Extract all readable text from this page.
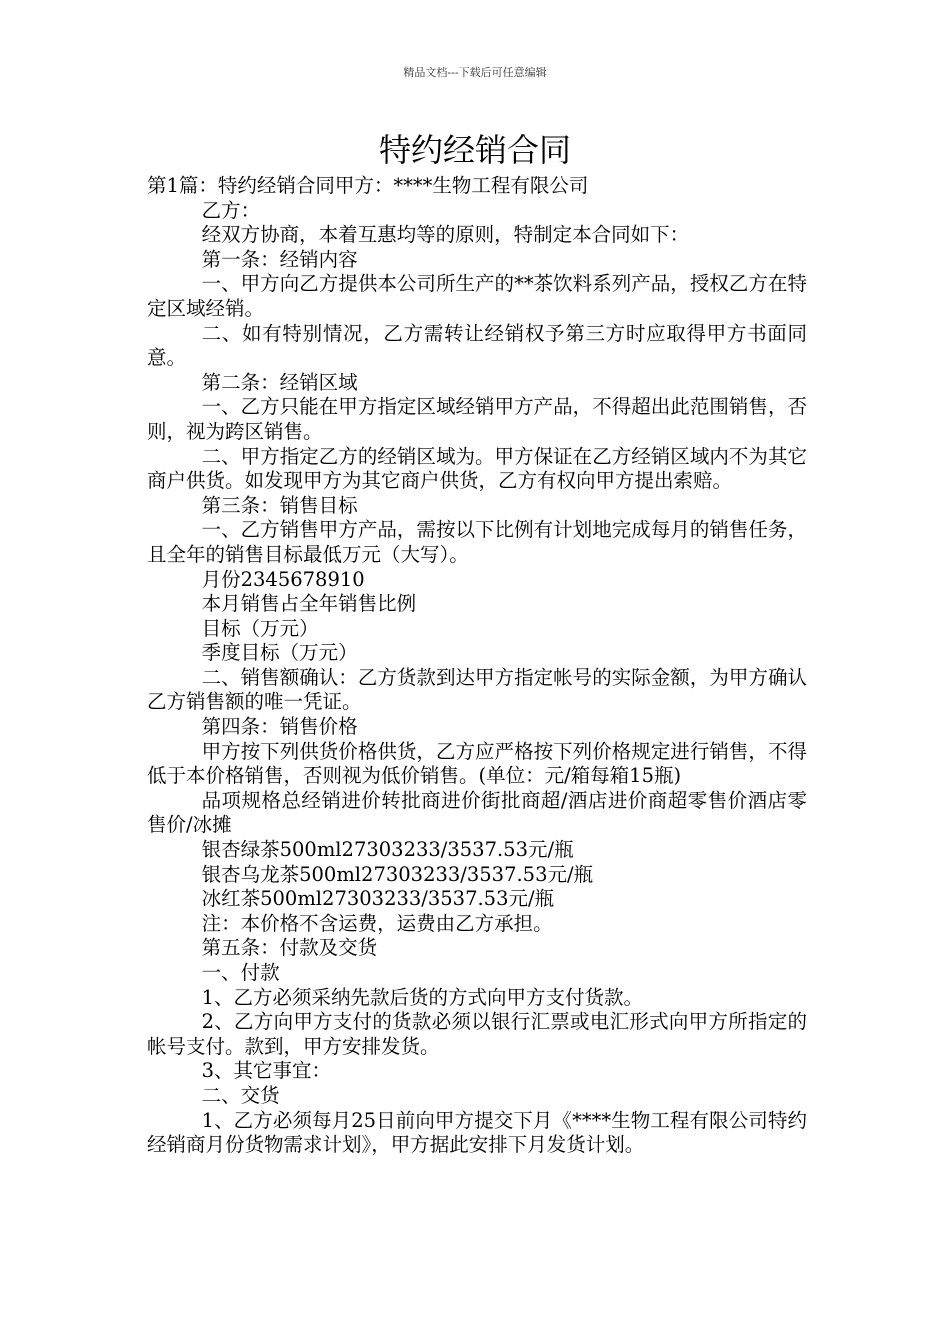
精品文档---下载后可任意编辑
特约经销合同

第1篇：特约经销合同甲方：****生物工程有限公司

乙方：

经双方协商，本着互惠均等的原则，特制定本合同如下：

第一条：经销内容

一、甲方向乙方提供本公司所生产的**茶饮料系列产品，授权乙方在特定区域经销。

二、如有特别情况，乙方需转让经销权予第三方时应取得甲方书面同意。

第二条：经销区域

一、乙方只能在甲方指定区域经销甲方产品，不得超出此范围销售，否则，视为跨区销售。

二、甲方指定乙方的经销区域为。甲方保证在乙方经销区域内不为其它商户供货。如发现甲方为其它商户供货，乙方有权向甲方提出索赔。

第三条：销售目标

一、乙方销售甲方产品，需按以下比例有计划地完成每月的销售任务，且全年的销售目标最低万元（大写）。

月份2345678910

本月销售占全年销售比例

目标（万元）

季度目标（万元）

二、销售额确认：乙方货款到达甲方指定帐号的实际金额，为甲方确认乙方销售额的唯一凭证。

第四条：销售价格

甲方按下列供货价格供货，乙方应严格按下列价格规定进行销售，不得低于本价格销售，否则视为低价销售。(单位：元/箱每箱15瓶)

品项规格总经销进价转批商进价街批商超/酒店进价商超零售价酒店零售价/冰摊

银杏绿茶500ml27303233/3537.53元/瓶

银杏乌龙茶500ml27303233/3537.53元/瓶

冰红茶500ml27303233/3537.53元/瓶

注：本价格不含运费，运费由乙方承担。

第五条：付款及交货

一、付款

1、乙方必须采纳先款后货的方式向甲方支付货款。

2、乙方向甲方支付的货款必须以银行汇票或电汇形式向甲方所指定的帐号支付。款到，甲方安排发货。

3、其它事宜：

二、交货

1、乙方必须每月25日前向甲方提交下月《****生物工程有限公司特约经销商月份货物需求计划》，甲方据此安排下月发货计划。
